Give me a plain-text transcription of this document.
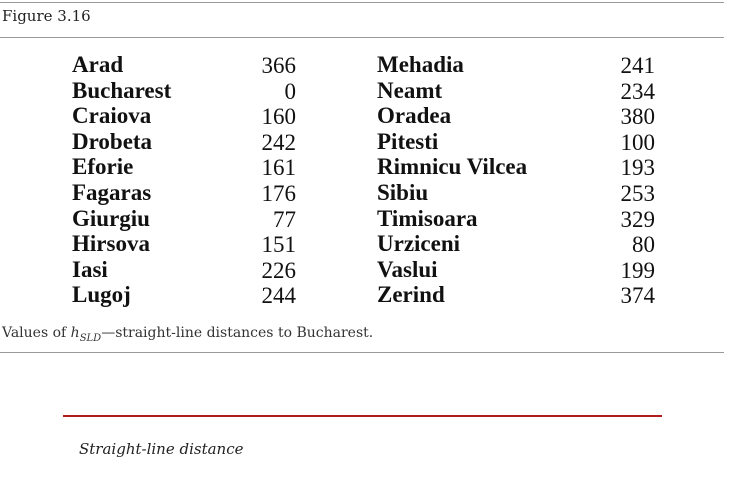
Figure 3.16
Arad	366
Bucharest	0
Craiova	160
Drobeta	242
Eforie	161
Fagaras	176
Giurgiu	77
Hirsova	151
Iasi	226
Lugoj	244
Mehadia	241
Neamt	234
Oradea	380
Pitesti	100
Rimnicu Vilcea	193
Sibiu	253
Timisoara	329
Urziceni	80
Vaslui	199
Zerind	374
Values of $h_{SLD}—straight$-line distances to Bucharest.
Straight-line distance
